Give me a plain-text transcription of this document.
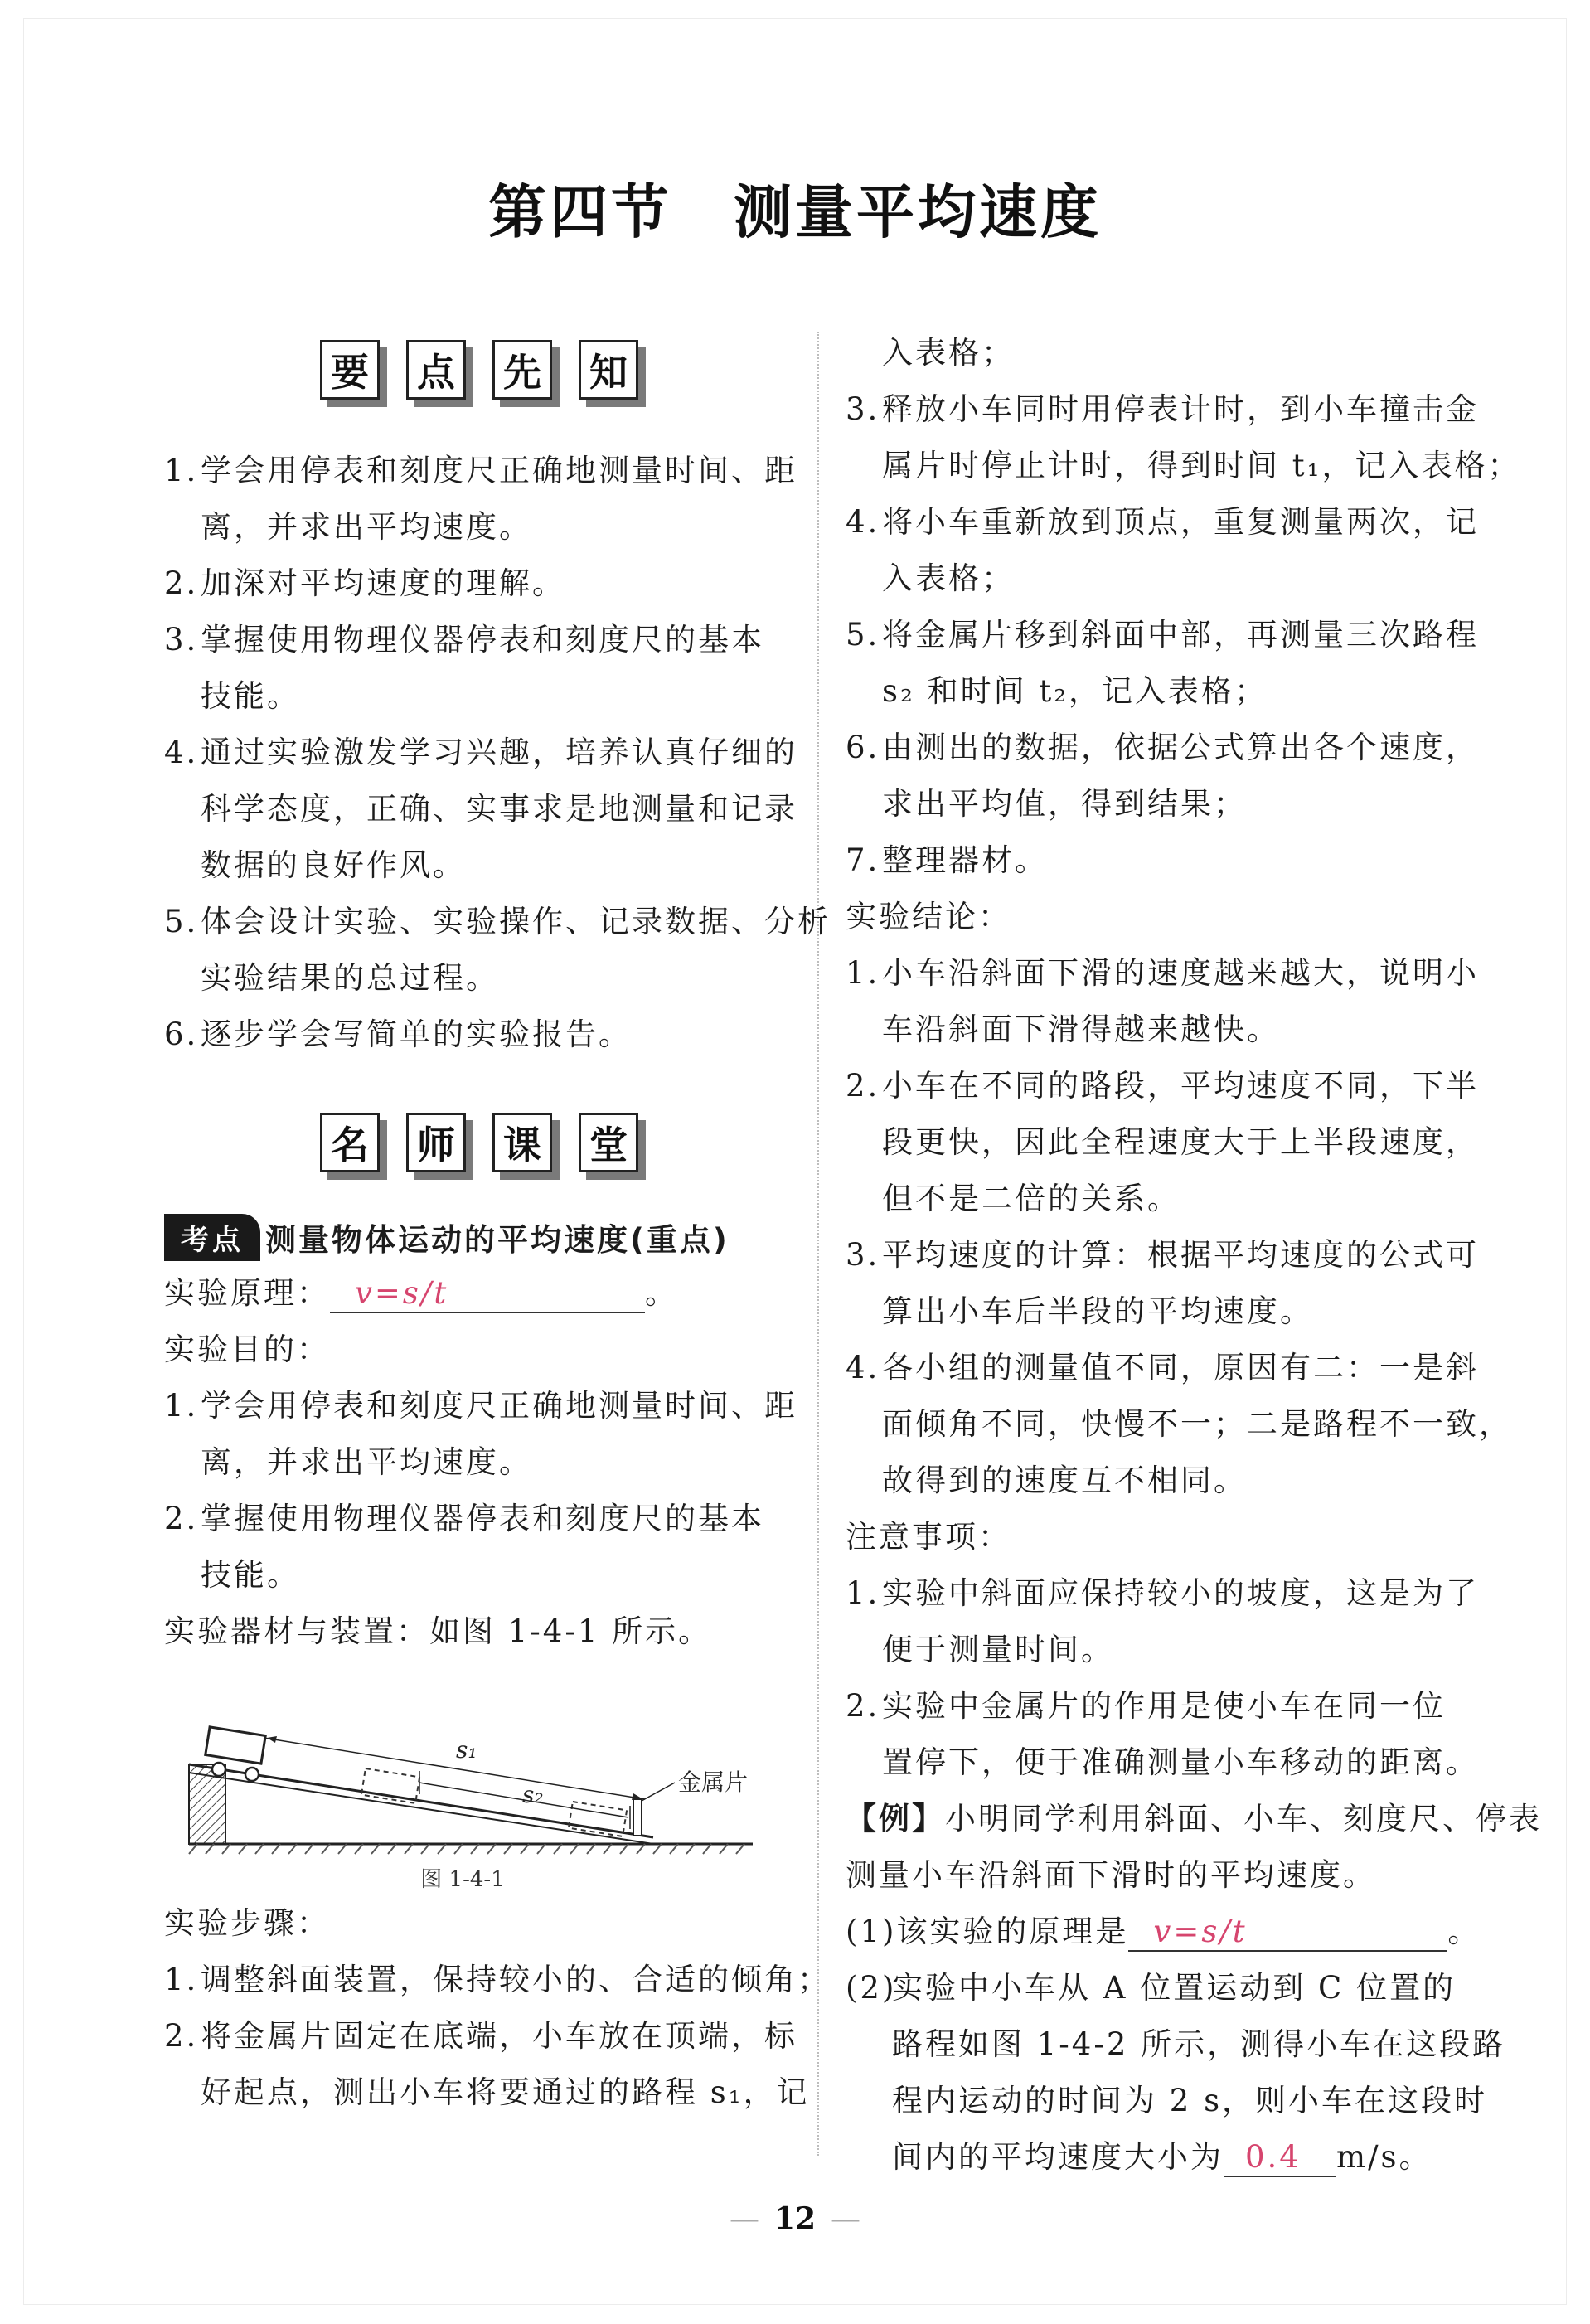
第四节　测量平均速度
要 点 先 知
1.学会用停表和刻度尺正确地测量时间、距
离，并求出平均速度。
2.加深对平均速度的理解。
3.掌握使用物理仪器停表和刻度尺的基本
技能。
4.通过实验激发学习兴趣，培养认真仔细的
科学态度，正确、实事求是地测量和记录
数据的良好作风。
5.体会设计实验、实验操作、记录数据、分析
实验结果的总过程。
6.逐步学会写简单的实验报告。
名 师 课 堂
考点 测量物体运动的平均速度(重点)
实验原理： v=s/t	。
实验目的：
1.学会用停表和刻度尺正确地测量时间、距
离，并求出平均速度。
2.掌握使用物理仪器停表和刻度尺的基本
技能。
实验器材与装置：如图 1-4-1 所示。
s₁
s₂	金属片
图 1-4-1
实验步骤：
1.调整斜面装置，保持较小的、合适的倾角；
2.将金属片固定在底端，小车放在顶端，标
好起点，测出小车将要通过的路程 s₁，记
入表格；
3.释放小车同时用停表计时，到小车撞击金
属片时停止计时，得到时间 t₁，记入表格；
4.将小车重新放到顶点，重复测量两次，记
入表格；
5.将金属片移到斜面中部，再测量三次路程
s₂ 和时间 t₂，记入表格；
6.由测出的数据，依据公式算出各个速度，
求出平均值，得到结果；
7.整理器材。
实验结论：
1.小车沿斜面下滑的速度越来越大，说明小
车沿斜面下滑得越来越快。
2.小车在不同的路段，平均速度不同，下半
段更快，因此全程速度大于上半段速度，
但不是二倍的关系。
3.平均速度的计算：根据平均速度的公式可
算出小车后半段的平均速度。
4.各小组的测量值不同，原因有二：一是斜
面倾角不同，快慢不一；二是路程不一致，
故得到的速度互不相同。
注意事项：
1.实验中斜面应保持较小的坡度，这是为了
便于测量时间。
2.实验中金属片的作用是使小车在同一位
置停下，便于准确测量小车移动的距离。
【例】小明同学利用斜面、小车、刻度尺、停表
测量小车沿斜面下滑时的平均速度。
(1)该实验的原理是 v=s/t	。
(2)实验中小车从 A 位置运动到 C 位置的
路程如图 1-4-2 所示，测得小车在这段路
程内运动的时间为 2 s，则小车在这段时
间内的平均速度大小为 0.4 m/s。
— 12 —
